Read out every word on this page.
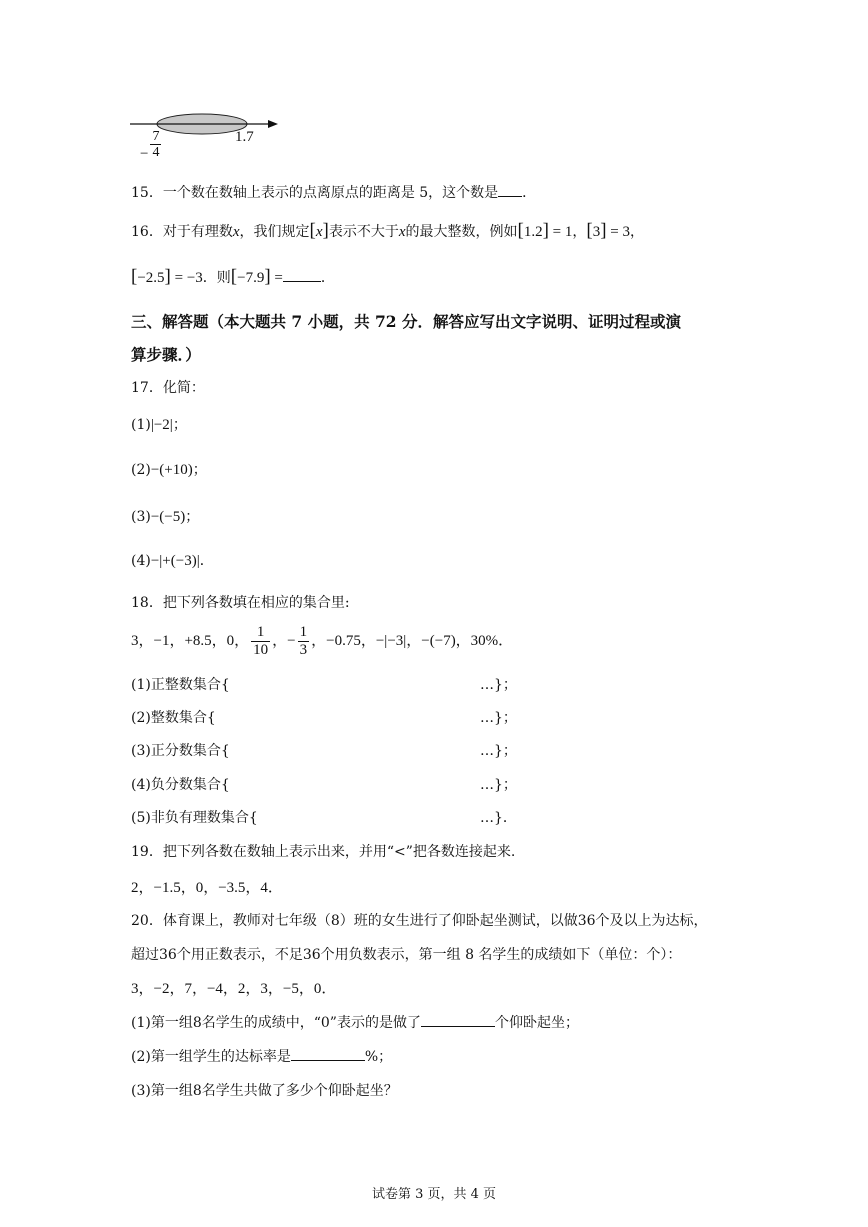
− $\frac{7}{4}$	1.7
15．一个数在数轴上表示的点离原点的距离是 5，这个数是 ．
16．对于有理数x，我们规定[x]表示不大于x的最大整数，例如[1.2] = 1，[3] = 3，
[−2.5] = −3．则[−7.9] =	．
三、解答题（本大题共 7 小题，共 72 分．解答应写出文字说明、证明过程或演
算步骤．）
17．化简：
(1)|−2|；
(2)−(+10)；
(3)−(−5)；
(4)−|+(−3)|．
18．把下列各数填在相应的集合里:
3，−1，+8.5，0， $\frac{1}{10}$ ，− $\frac{1}{3}$ ，−0.75，−|−3|，−(−7)，30%．
(1)正整数集合{	…}；
(2)整数集合{	…}；
(3)正分数集合{	…}；
(4)负分数集合{	…}；
(5)非负有理数集合{	…}．
19．把下列各数在数轴上表示出来，并用“<”把各数连接起来.
2，−1.5，0，−3.5，4．
20．体育课上，教师对七年级（8）班的女生进行了仰卧起坐测试，以做36个及以上为达标，
超过36个用正数表示，不足36个用负数表示，第一组 8 名学生的成绩如下（单位：个）：
3，−2，7，−4，2，3，−5，0．
(1)第一组8名学生的成绩中，“0”表示的是做了	个仰卧起坐；
(2)第一组学生的达标率是	%；
(3)第一组8名学生共做了多少个仰卧起坐？
试卷第 3 页，共 4 页
